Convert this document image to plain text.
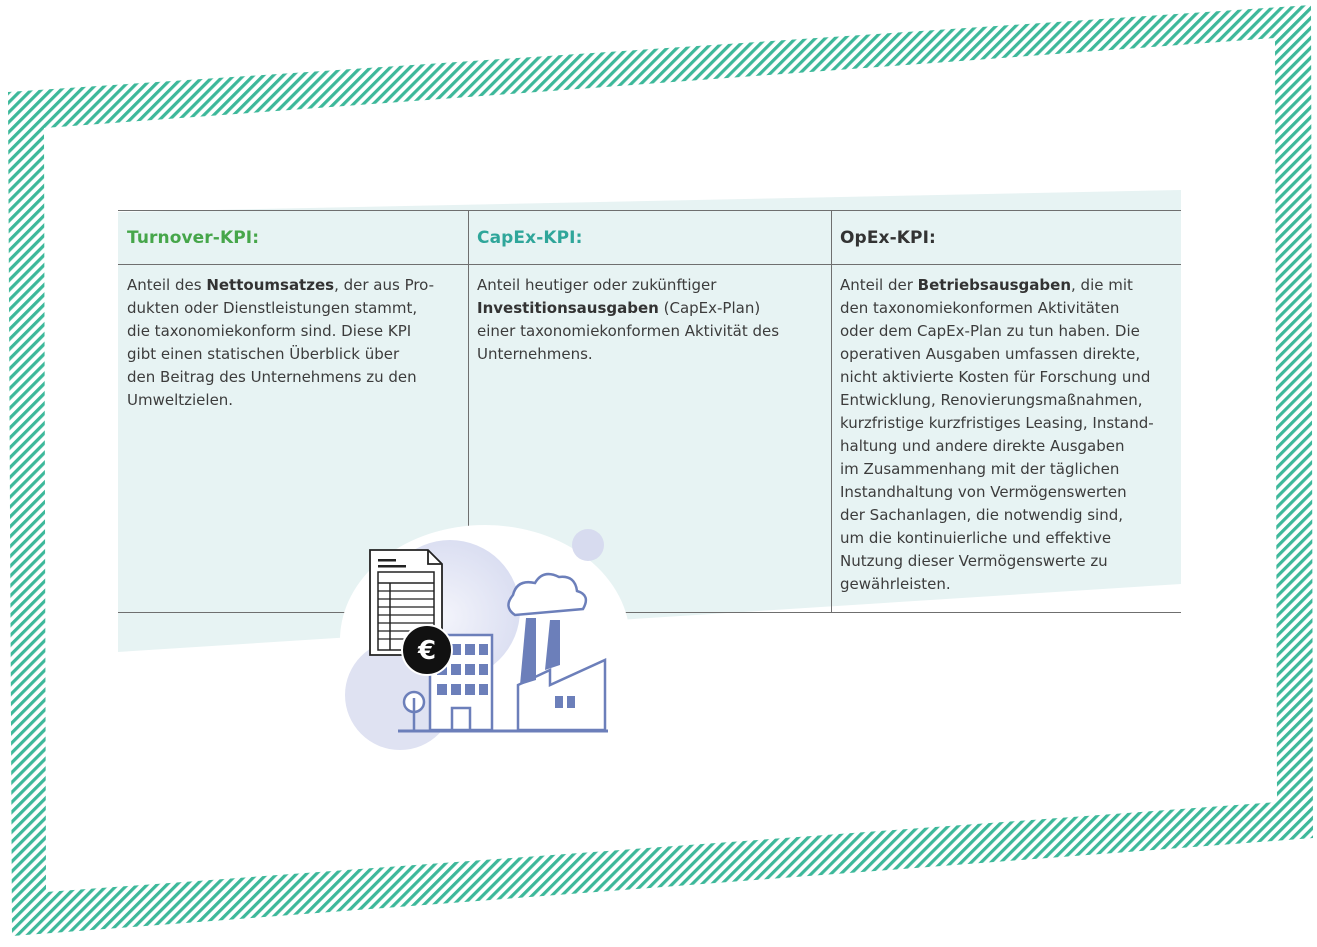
Turnover-KPI:
Anteil des Nettoumsatzes, der aus Pro-
dukten oder Dienstleistungen stammt,
die taxonomiekonform sind. Diese KPI
gibt einen statischen Überblick über
den Beitrag des Unternehmens zu den
Umweltzielen.
CapEx-KPI:
Anteil heutiger oder zukünftiger
Investitionsausgaben (CapEx-Plan)
einer taxonomiekonformen Aktivität des
Unternehmens.
OpEx-KPI:
Anteil der Betriebsausgaben, die mit
den taxonomiekonformen Aktivitäten
oder dem CapEx-Plan zu tun haben. Die
operativen Ausgaben umfassen direkte,
nicht aktivierte Kosten für Forschung und
Entwicklung, Renovierungsmaßnahmen,
kurzfristige kurzfristiges Leasing, Instand-
haltung und andere direkte Ausgaben
im Zusammenhang mit der täglichen
Instandhaltung von Vermögenswerten
der Sachanlagen, die notwendig sind,
um die kontinuierliche und effektive
Nutzung dieser Vermögenswerte zu
gewährleisten.
€
